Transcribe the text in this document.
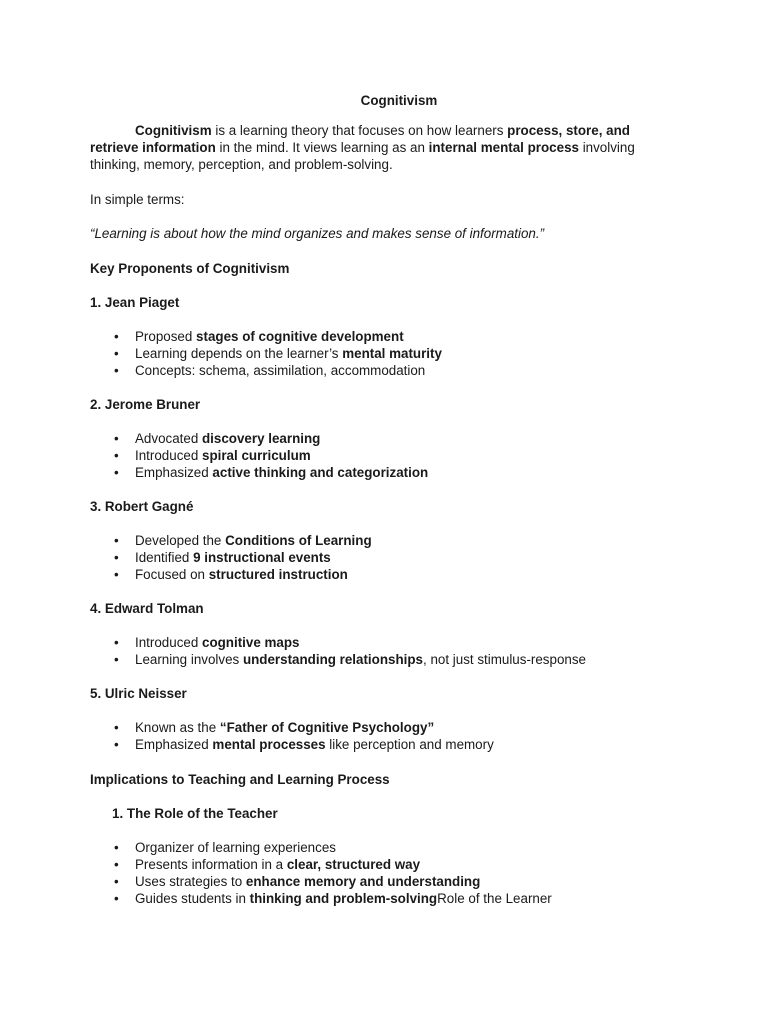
Cognitivism

Cognitivism is a learning theory that focuses on how learners process, store, and retrieve information in the mind. It views learning as an internal mental process involving thinking, memory, perception, and problem-solving.

In simple terms:

“Learning is about how the mind organizes and makes sense of information.”

Key Proponents of Cognitivism

1. Jean Piaget

• Proposed stages of cognitive development
• Learning depends on the learner’s mental maturity
• Concepts: schema, assimilation, accommodation

2. Jerome Bruner

• Advocated discovery learning
• Introduced spiral curriculum
• Emphasized active thinking and categorization

3. Robert Gagné

• Developed the Conditions of Learning
• Identified 9 instructional events
• Focused on structured instruction

4. Edward Tolman

• Introduced cognitive maps
• Learning involves understanding relationships, not just stimulus-response

5. Ulric Neisser

• Known as the “Father of Cognitive Psychology”
• Emphasized mental processes like perception and memory

Implications to Teaching and Learning Process

1. The Role of the Teacher

• Organizer of learning experiences
• Presents information in a clear, structured way
• Uses strategies to enhance memory and understanding
• Guides students in thinking and problem-solvingRole of the Learner
